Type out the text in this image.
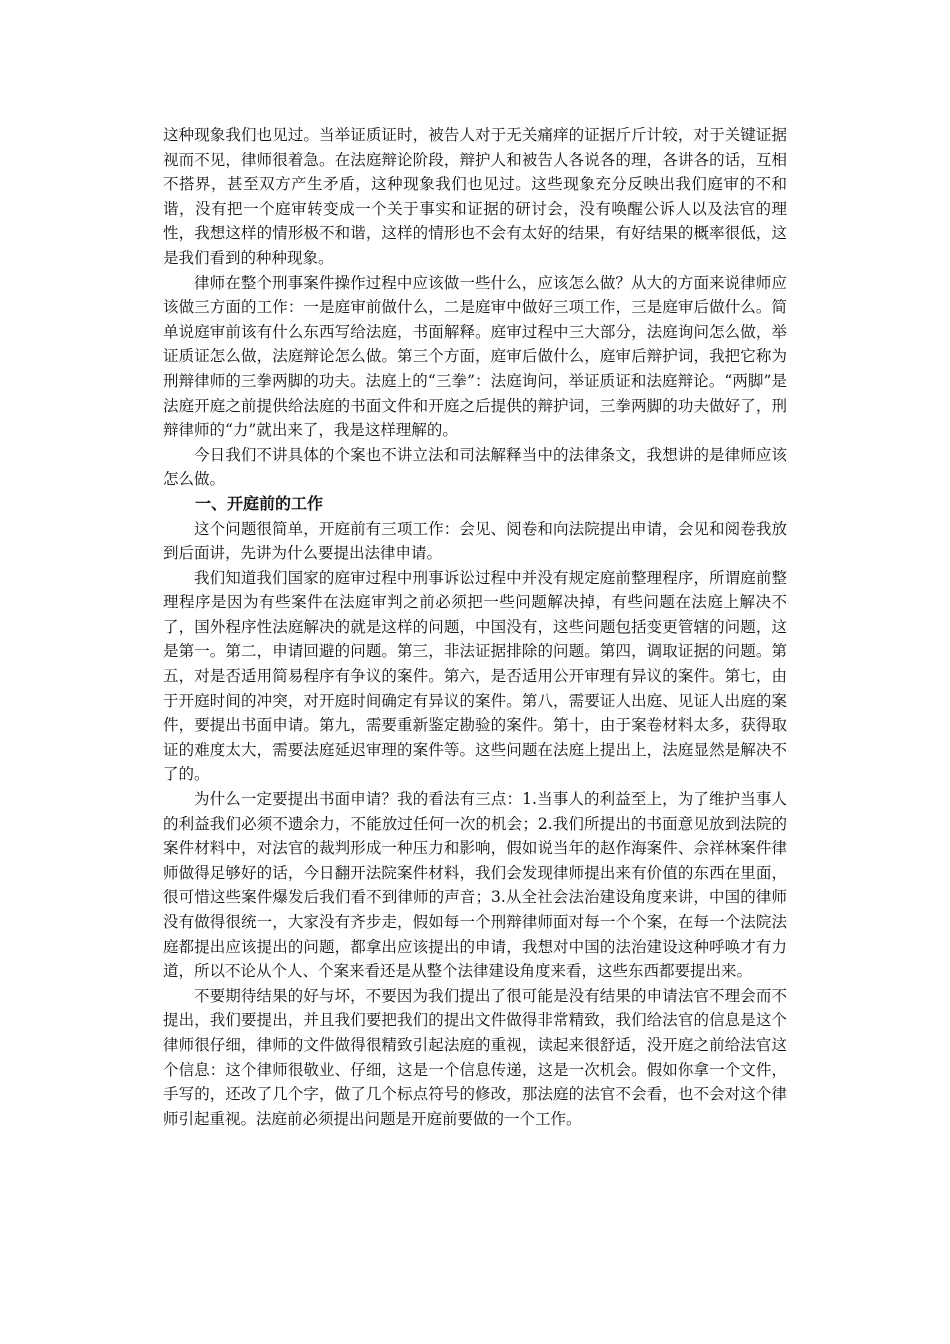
这种现象我们也见过。当举证质证时，被告人对于无关痛痒的证据斤斤计较，对于关键证据视而不见，律师很着急。在法庭辩论阶段，辩护人和被告人各说各的理，各讲各的话，互相不搭界，甚至双方产生矛盾，这种现象我们也见过。这些现象充分反映出我们庭审的不和谐，没有把一个庭审转变成一个关于事实和证据的研讨会，没有唤醒公诉人以及法官的理性，我想这样的情形极不和谐，这样的情形也不会有太好的结果，有好结果的概率很低，这是我们看到的种种现象。

律师在整个刑事案件操作过程中应该做一些什么，应该怎么做？从大的方面来说律师应该做三方面的工作：一是庭审前做什么，二是庭审中做好三项工作，三是庭审后做什么。简单说庭审前该有什么东西写给法庭，书面解释。庭审过程中三大部分，法庭询问怎么做，举证质证怎么做，法庭辩论怎么做。第三个方面，庭审后做什么，庭审后辩护词，我把它称为刑辩律师的三拳两脚的功夫。法庭上的“三拳”：法庭询问，举证质证和法庭辩论。“两脚”是法庭开庭之前提供给法庭的书面文件和开庭之后提供的辩护词，三拳两脚的功夫做好了，刑辩律师的“力”就出来了，我是这样理解的。

今日我们不讲具体的个案也不讲立法和司法解释当中的法律条文，我想讲的是律师应该怎么做。

一、开庭前的工作

这个问题很简单，开庭前有三项工作：会见、阅卷和向法院提出申请，会见和阅卷我放到后面讲，先讲为什么要提出法律申请。

我们知道我们国家的庭审过程中刑事诉讼过程中并没有规定庭前整理程序，所谓庭前整理程序是因为有些案件在法庭审判之前必须把一些问题解决掉，有些问题在法庭上解决不了，国外程序性法庭解决的就是这样的问题，中国没有，这些问题包括变更管辖的问题，这是第一。第二，申请回避的问题。第三，非法证据排除的问题。第四，调取证据的问题。第五，对是否适用简易程序有争议的案件。第六，是否适用公开审理有异议的案件。第七，由于开庭时间的冲突，对开庭时间确定有异议的案件。第八，需要证人出庭、见证人出庭的案件，要提出书面申请。第九，需要重新鉴定勘验的案件。第十，由于案卷材料太多，获得取证的难度太大，需要法庭延迟审理的案件等。这些问题在法庭上提出上，法庭显然是解决不了的。

为什么一定要提出书面申请？我的看法有三点：1.当事人的利益至上，为了维护当事人的利益我们必须不遗余力，不能放过任何一次的机会；2.我们所提出的书面意见放到法院的案件材料中，对法官的裁判形成一种压力和影响，假如说当年的赵作海案件、佘祥林案件律师做得足够好的话，今日翻开法院案件材料，我们会发现律师提出来有价值的东西在里面，很可惜这些案件爆发后我们看不到律师的声音；3.从全社会法治建设角度来讲，中国的律师没有做得很统一，大家没有齐步走，假如每一个刑辩律师面对每一个个案，在每一个法院法庭都提出应该提出的问题，都拿出应该提出的申请，我想对中国的法治建设这种呼唤才有力道，所以不论从个人、个案来看还是从整个法律建设角度来看，这些东西都要提出来。

不要期待结果的好与坏，不要因为我们提出了很可能是没有结果的申请法官不理会而不提出，我们要提出，并且我们要把我们的提出文件做得非常精致，我们给法官的信息是这个律师很仔细，律师的文件做得很精致引起法庭的重视，读起来很舒适，没开庭之前给法官这个信息：这个律师很敬业、仔细，这是一个信息传递，这是一次机会。假如你拿一个文件，手写的，还改了几个字，做了几个标点符号的修改，那法庭的法官不会看，也不会对这个律师引起重视。法庭前必须提出问题是开庭前要做的一个工作。
